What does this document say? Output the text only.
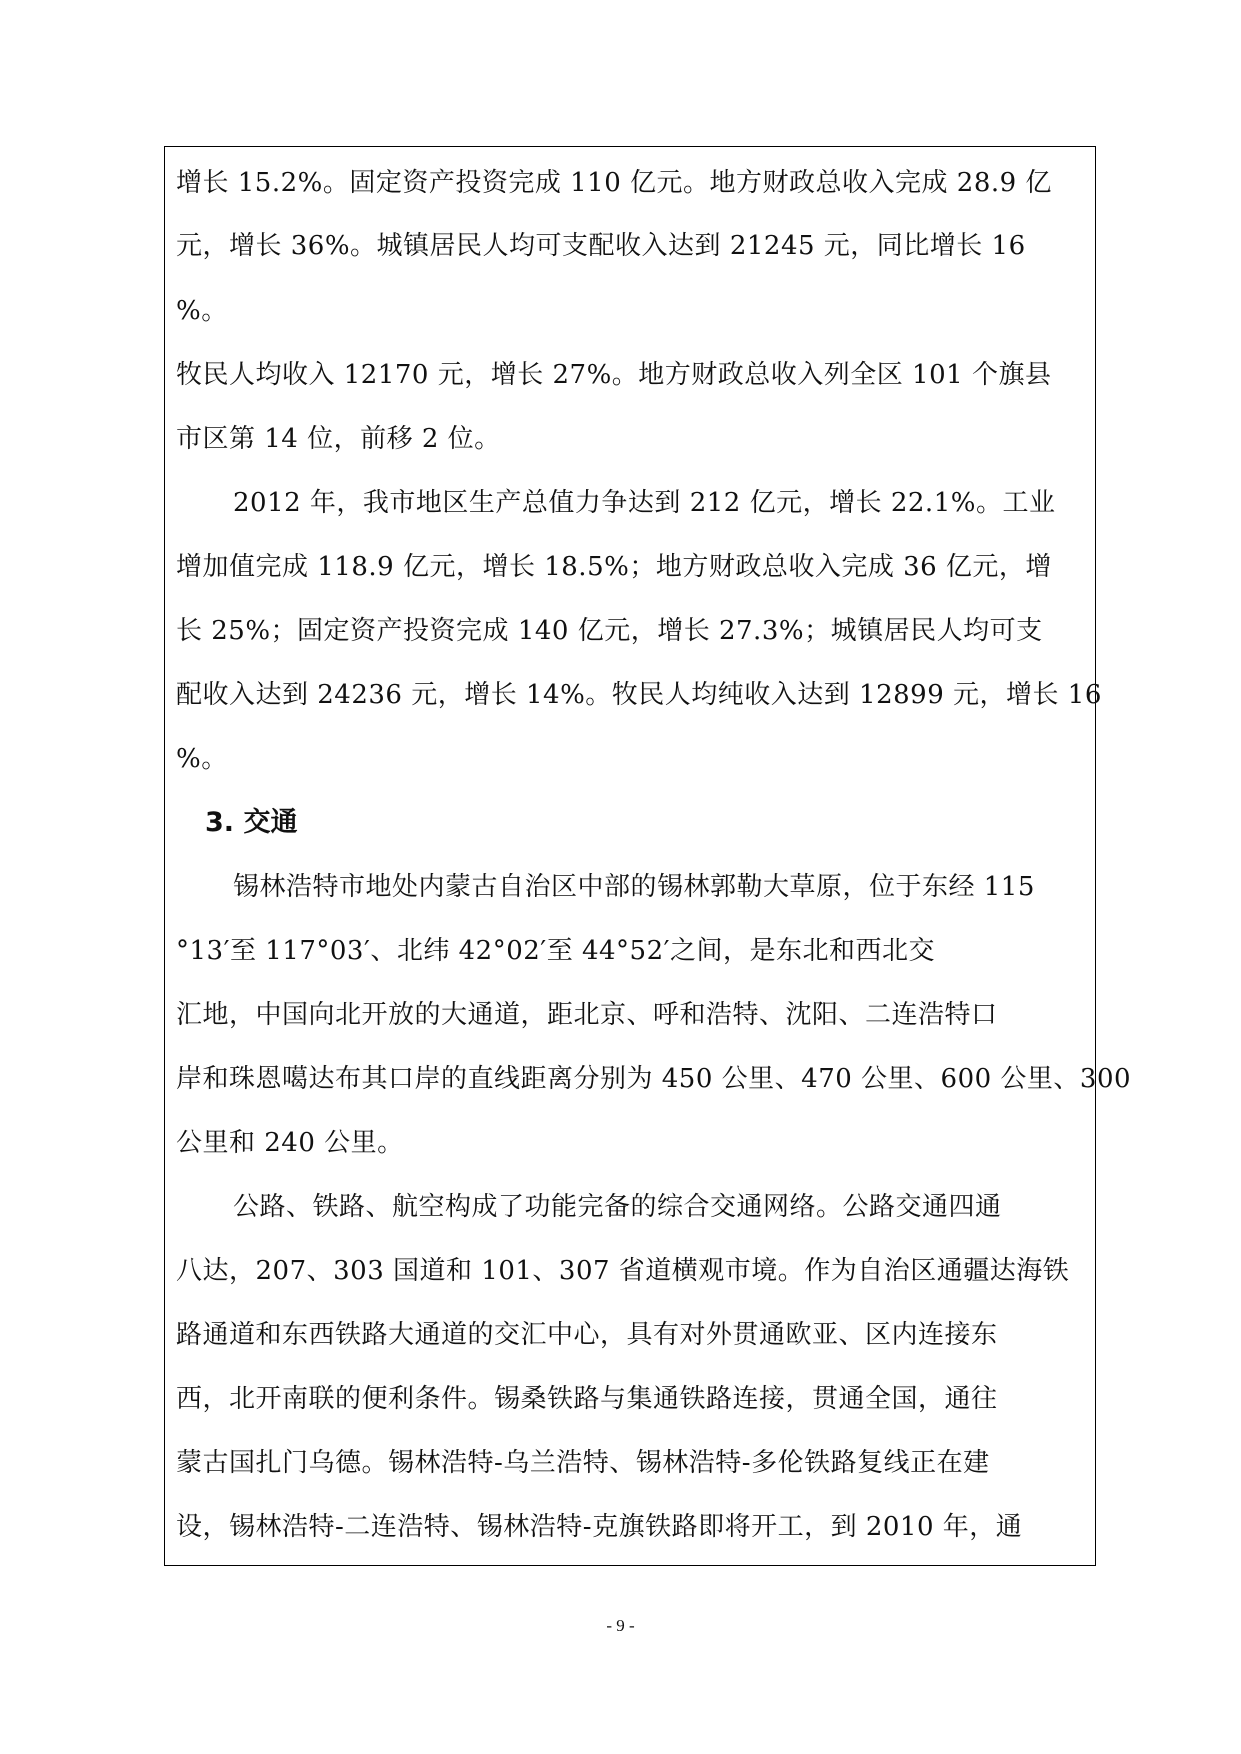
增长 15.2%。固定资产投资完成 110 亿元。地方财政总收入完成 28.9 亿
元，增长 36%。城镇居民人均可支配收入达到 21245 元，同比增长 16
%。
牧民人均收入 12170 元，增长 27%。地方财政总收入列全区 101 个旗县
市区第 14 位，前移 2 位。
2012 年，我市地区生产总值力争达到 212 亿元，增长 22.1%。工业
增加值完成 118.9 亿元，增长 18.5%；地方财政总收入完成 36 亿元，增
长 25%；固定资产投资完成 140 亿元，增长 27.3%；城镇居民人均可支
配收入达到 24236 元，增长 14%。牧民人均纯收入达到 12899 元，增长 16
%。
3. 交通
锡林浩特市地处内蒙古自治区中部的锡林郭勒大草原，位于东经 115
°13′至 117°03′、北纬 42°02′至 44°52′之间，是东北和西北交
汇地，中国向北开放的大通道，距北京、呼和浩特、沈阳、二连浩特口
岸和珠恩噶达布其口岸的直线距离分别为 450 公里、470 公里、600 公里、300
公里和 240 公里。
公路、铁路、航空构成了功能完备的综合交通网络。公路交通四通
八达，207、303 国道和 101、307 省道横观市境。作为自治区通疆达海铁
路通道和东西铁路大通道的交汇中心，具有对外贯通欧亚、区内连接东
西，北开南联的便利条件。锡桑铁路与集通铁路连接，贯通全国，通往
蒙古国扎门乌德。锡林浩特-乌兰浩特、锡林浩特-多伦铁路复线正在建
设，锡林浩特-二连浩特、锡林浩特-克旗铁路即将开工，到 2010 年，通
- 9 -
